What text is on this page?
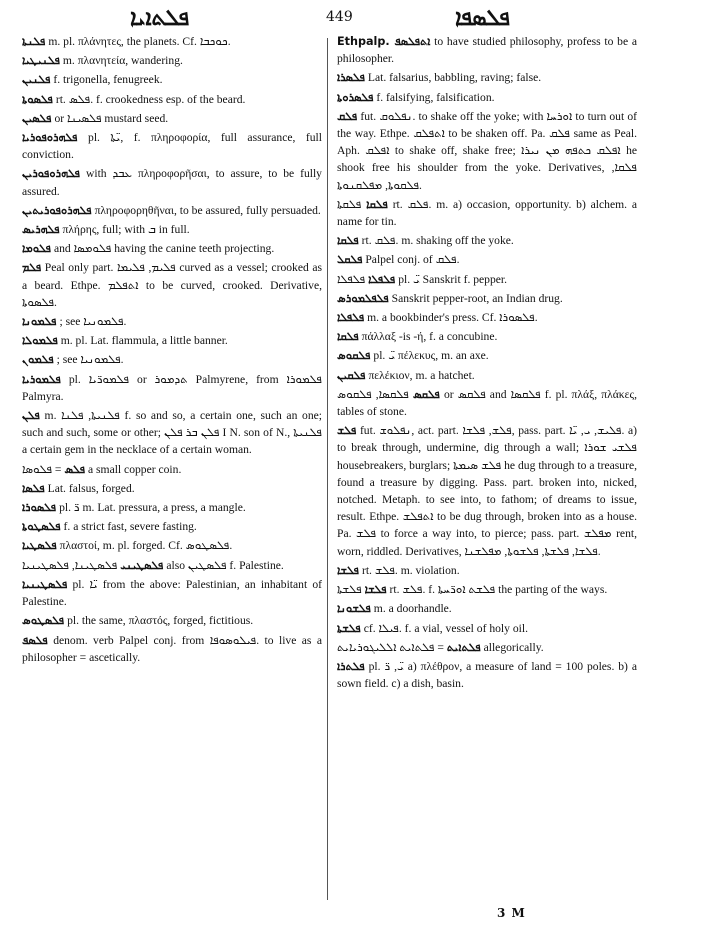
ܦܠܬܐܝܐ	449	ܦܠܣܦܐ

ܦܠܢܬܐ m. pl. πλάνητες, the planets. Cf. ܟܘܟܒܐ.

ܦܠܢܝܛܝܐ m. πλανητεία, wandering.

ܦܠܢܝܢ f. trigonella, fenugreek.

ܦܠܣܘܬܐ rt. ܦܠܣ. f. crookedness esp. of the beard.

ܦܠܣܝܢ or ܦܠܣܝܢܐ mustard seed.

ܦܠܗܪܘܦܘܪܝܐ pl. ܝ̈ܬܐ, f. πληροφορία, full assurance, full conviction.

ܦܠܗܪܘܦܘܪܝܢ with ܥܒܕ πληροφορῆσαι, to assure, to be fully assured.

ܦܠܗܪܘܦܘܪܝܬܝܢ πληροφορηθῆναι, to be assured, fully persuaded.

ܦܠܗܪܝܣ πλήρης, full; with ܒ in full.

ܦܠܘܡܐ and ܦܠܘܡܣܐ having the canine teeth projecting.

ܦܠܡ Peal only part. ܦܠܝܡ, ܦܠܝܡܐ curved as a vessel; crooked as a beard. Ethpe. ܐܬܦܠܡ to be curved, crooked. Derivative, ܦܠܣܘܬܐ.

ܦܠܡܘܢܐ ; see ܦܠܡܘܢܝܐ.

ܦܠܡܘܠܐ m. pl. Lat. flammula, a little banner.

ܦܠܡܘܢ ; see ܦܠܡܘܢܝܐ.

ܦܠܡܘܪܝܐ pl. ܦܠܡܘܪ̈ܝܐ or ܬܕܡܘܪ Palmyrene, from ܦܠܡܘܪܐ Palmyra.

ܦܠܢ m. ܦܠܢܝܬܐ, ܦܠܢܐ f. so and so, a certain one, such an one; such and such, some or other; ܦܠܢ ܒܪ ܦܠܢ I N. son of N., ܦܠܢܝܬܐ a certain gem in the necklace of a certain woman.

ܦܠܣ = ܦܠܘܣܐ a small copper coin.

ܦܠܣܐ Lat. falsus, forged.

ܦܠܣܘܪܐ pl. ܪ̈ m. Lat. pressura, a press, a mangle.

ܦܠܣܛܘܬܐ f. a strict fast, severe fasting.

ܦܠܣܛܝܐ πλαστοί, m. pl. forged. Cf. ܦܠܣܛܘܣ.

ܦܠܣܛܝܢܝ ܦܠܣܛܝܢܐ, ܦܠܣܛܝܢܝܐ also ܦܠܣܛܝܢ f. Palestine.

ܦܠܣܛܝܢܝܐ pl. ܝ̈ܐ from the above: Palestinian, an inhabitant of Palestine.

ܦܠܣܛܘܣ pl. the same, πλαστός, forged, fictitious.

ܦܠܣܦ denom. verb Palpel conj. from ܦܝܠܘܣܘܦܐ. to live as a philosopher = ascetically.

Ethpalp. ܐܬܦܠܣܦ to have studied philosophy, profess to be a philosopher.

ܦܠܣܪܐ Lat. falsarius, babbling, raving; false.

ܦܠܣܪܘܬܐ f. falsifying, falsification.

ܦܠܩ fut. ܢܦܠܘܩ. to shake off the yoke; with ܐܘܪܚܐ to turn out of the way. Ethpe. ܐܬܦܠܩ to be shaken off. Pa. ܦܠܩ same as Peal. Aph. ܐܦܠܩ to shake off, shake free; ܐܦܠܩ ܟܬܦܗ ܡܢ ܢܝܪܐ he shook free his shoulder from the yoke. Derivatives, ܦܠܩܐ, ܦܠܩܘܬܐ, ܡܦܠܩܢܘܬܐ.

ܦܠܩܐ ܦܠܩܬܐ rt. ܦܠܩ. m. a) occasion, opportunity. b) alchem. a name for tin.

ܦܠܩܐ rt. ܦܠܩ. m. shaking off the yoke.

ܦܠܩܠ Palpel conj. of ܦܠܩ.

ܦܠܦܠܐ ܦܠܦܠܐ pl. ܝ̈ Sanskrit f. pepper.

ܦܠܦܠܡܘܪܣ Sanskrit pepper-root, an Indian drug.

ܦܠܦܠܐ m. a bookbinder's press. Cf. ܦܠܣܘܪܐ.

ܦܠܩܐ πάλλαξ -is -ή, f. a concubine.

ܦܠܩܘܣ pl. ܝ̈ πέλεκυς, m. an axe.

ܦܠܩܝܢ πελέκιον, m. a hatchet.

ܦܠܩܣ ܦܠܩܣܐ, ܦܠܩܘܣ or ܦܠܩܣ and ܦܠܩܣܐ f. pl. πλάξ, πλάκες, tables of stone.

ܦܠܫ fut. ܢܦܠܘܫ, act. part. ܦܠܫ, ܦܠܫܐ, pass. part. ܦܠܝܫ, ܝ, ܝ̈ܐ. a) to break through, undermine, dig through a wall; ܦܠܫܝ ܫܘܪܐ housebreakers, burglars; ܦܠܫ ܣܝܡܬܐ he dug through to a treasure, found a treasure by digging. Pass. part. broken into, nicked, notched. Metaph. to see into, to fathom; of dreams to issue, result. Ethpe. ܐܬܦܠܫ to be dug through, broken into as a house. Pa. ܦܠܫ to force a way into, to pierce; pass. part. ܡܦܠܫ rent, worn, riddled. Derivatives, ܦܠܫܐ, ܦܠܫܬܐ, ܦܠܫܘܬܐ, ܡܦܠܫܢܐ.

ܦܠܫܐ rt. ܦܠܫ. m. violation.

ܦܠܫܐ ܦܠܫܬܐ rt. ܦܠܫ. f. ܦܠܫܬ ܐܘܪ̈ܚܬܐ the parting of the ways.

ܦܠܫܘܢܐ m. a doorhandle.

ܦܠܫܬܐ cf. ܦܝܠܐ. f. a vial, vessel of holy oil.

ܦܠܬܐܝܬ = ܦܠܬܐܝܬ ܐܠܠܝܓܘܪܝܐܝܬ allegorically.

ܦܠܬܪܐ pl. ܝ̈, ܪ̈ a) πλέθρον, a measure of land = 100 poles. b) a sown field. c) a dish, basin.

3 M
